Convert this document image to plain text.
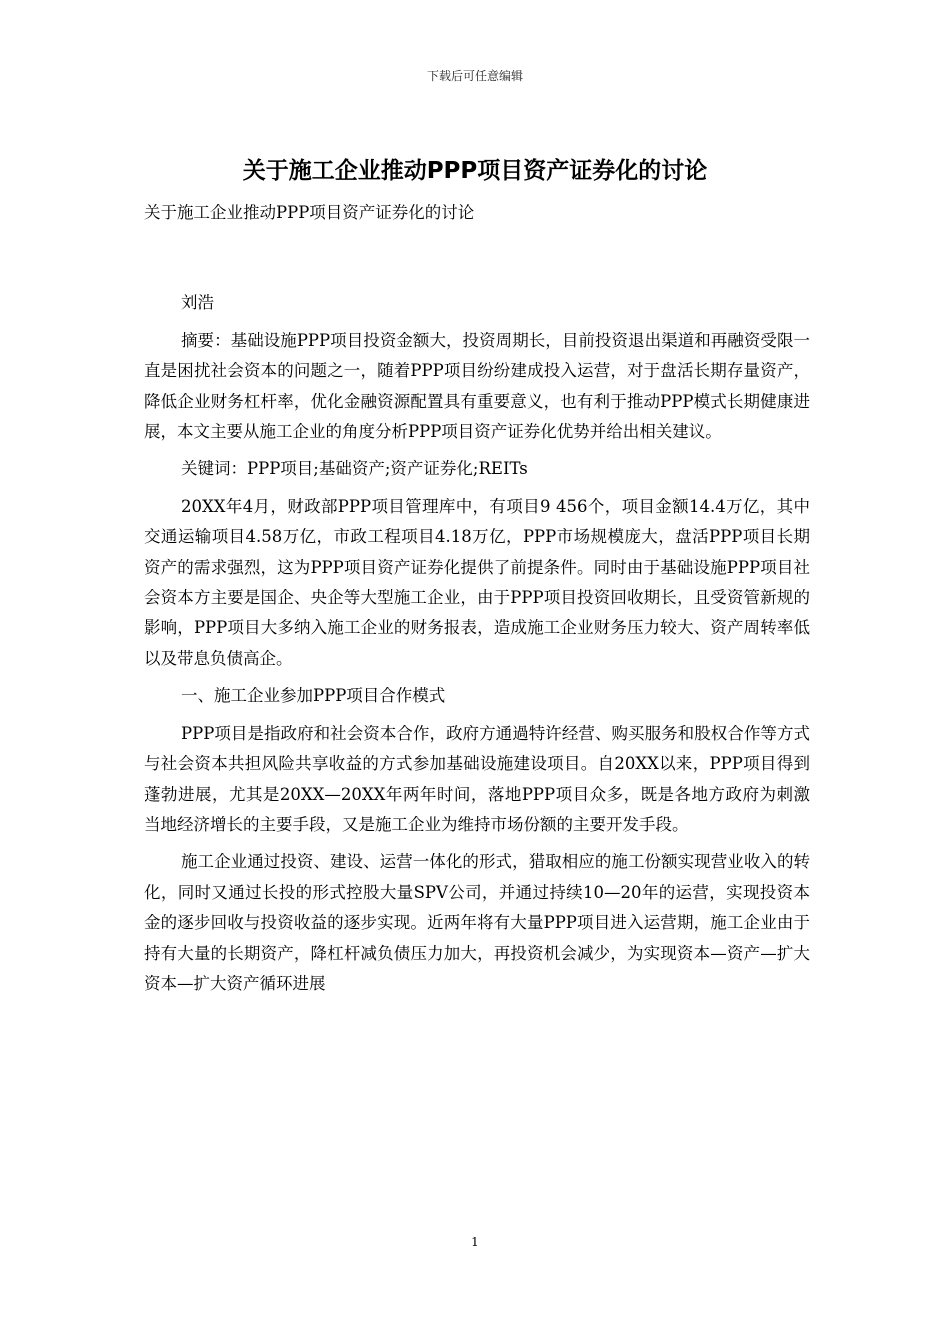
下载后可任意编辑
关于施工企业推动PPP项目资产证券化的讨论

关于施工企业推动PPP项目资产证券化的讨论

刘浩

摘要：基础设施PPP项目投资金额大，投资周期长，目前投资退出渠道和再融资受限一直是困扰社会资本的问题之一，随着PPP项目纷纷建成投入运营，对于盘活长期存量资产，降低企业财务杠杆率，优化金融资源配置具有重要意义，也有利于推动PPP模式长期健康进展，本文主要从施工企业的角度分析PPP项目资产证券化优势并给出相关建议。

关键词：PPP项目;基础资产;资产证券化;REITs

20XX年4月，财政部PPP项目管理库中，有项目9 456个，项目金额14.4万亿，其中交通运输项目4.58万亿，市政工程项目4.18万亿，PPP市场规模庞大，盘活PPP项目长期资产的需求强烈，这为PPP项目资产证券化提供了前提条件。同时由于基础设施PPP项目社会资本方主要是国企、央企等大型施工企业，由于PPP项目投资回收期长，且受资管新规的影响，PPP项目大多纳入施工企业的财务报表，造成施工企业财务压力较大、资产周转率低以及带息负债高企。

一、施工企业参加PPP项目合作模式

PPP项目是指政府和社会资本合作，政府方通過特许经营、购买服务和股权合作等方式与社会资本共担风险共享收益的方式参加基础设施建设项目。自20XX以来，PPP项目得到蓬勃进展，尤其是20XX—20XX年两年时间，落地PPP项目众多，既是各地方政府为刺激当地经济增长的主要手段，又是施工企业为维持市场份额的主要开发手段。

施工企业通过投资、建设、运营一体化的形式，猎取相应的施工份额实现营业收入的转化，同时又通过长投的形式控股大量SPV公司，并通过持续10—20年的运营，实现投资本金的逐步回收与投资收益的逐步实现。近两年将有大量PPP项目进入运营期，施工企业由于持有大量的长期资产，降杠杆减负债压力加大，再投资机会减少，为实现资本—资产—扩大资本—扩大资产循环进展

1
